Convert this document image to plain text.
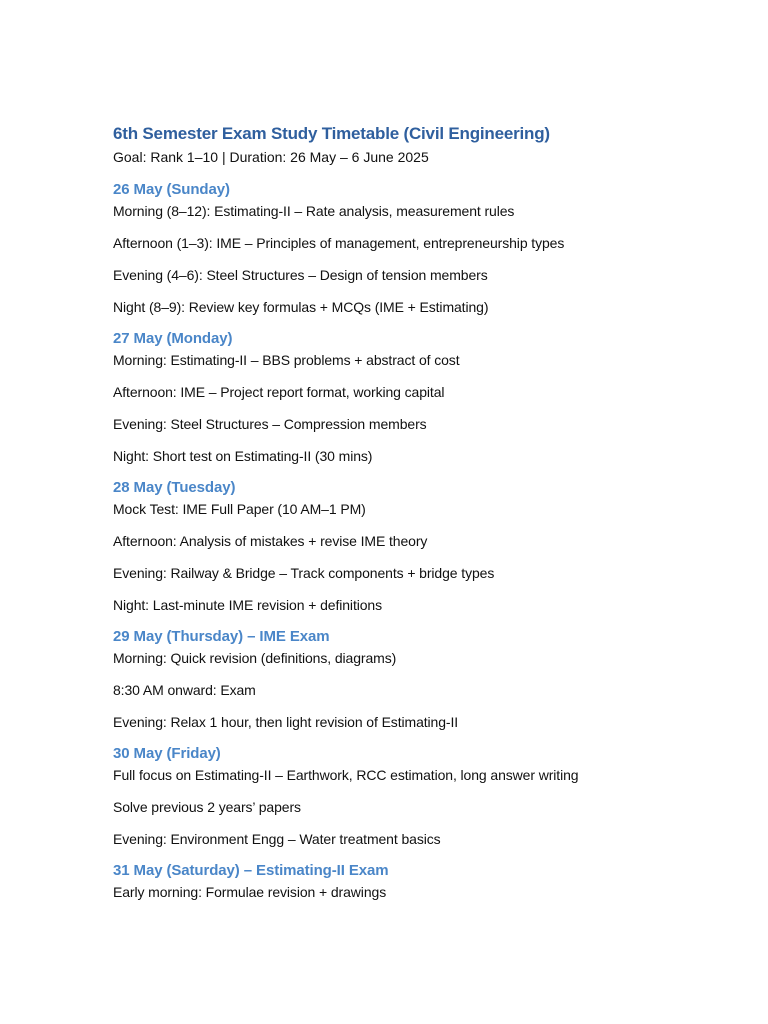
6th Semester Exam Study Timetable (Civil Engineering)

Goal: Rank 1–10 | Duration: 26 May – 6 June 2025

26 May (Sunday)
Morning (8–12): Estimating-II – Rate analysis, measurement rules
Afternoon (1–3): IME – Principles of management, entrepreneurship types
Evening (4–6): Steel Structures – Design of tension members
Night (8–9): Review key formulas + MCQs (IME + Estimating)
27 May (Monday)
Morning: Estimating-II – BBS problems + abstract of cost
Afternoon: IME – Project report format, working capital
Evening: Steel Structures – Compression members
Night: Short test on Estimating-II (30 mins)
28 May (Tuesday)
Mock Test: IME Full Paper (10 AM–1 PM)
Afternoon: Analysis of mistakes + revise IME theory
Evening: Railway & Bridge – Track components + bridge types
Night: Last-minute IME revision + definitions
29 May (Thursday) – IME Exam
Morning: Quick revision (definitions, diagrams)
8:30 AM onward: Exam
Evening: Relax 1 hour, then light revision of Estimating-II
30 May (Friday)
Full focus on Estimating-II – Earthwork, RCC estimation, long answer writing
Solve previous 2 years’ papers
Evening: Environment Engg – Water treatment basics
31 May (Saturday) – Estimating-II Exam
Early morning: Formulae revision + drawings
